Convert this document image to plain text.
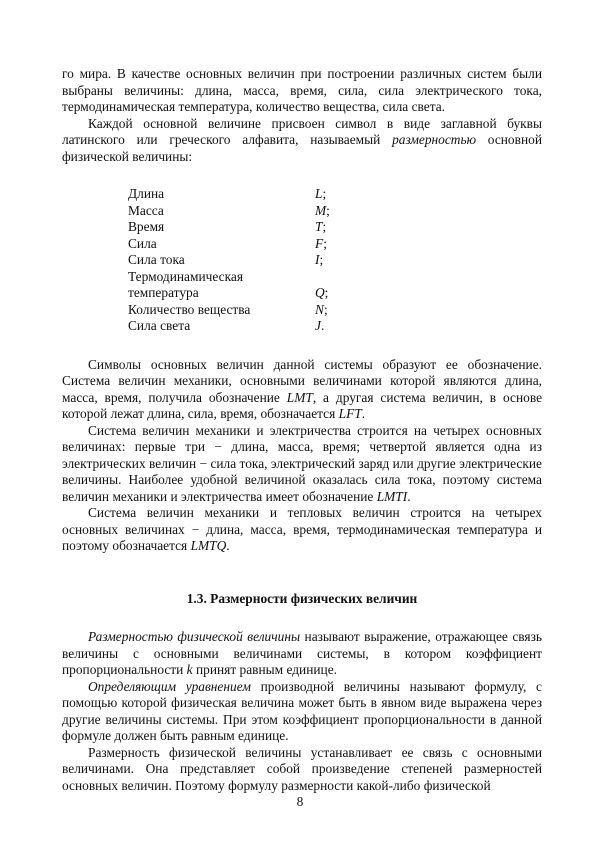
го мира. В качестве основных величин при построении различных систем были выбраны величины: длина, масса, время, сила, сила электрического тока, термодинамическая температура, количество вещества, сила света.

Каждой основной величине присвоен символ в виде заглавной буквы латинского или греческого алфавита, называемый размерностью основной физической величины:

Длина	L;
Масса	M;
Время	T;
Сила	F;
Сила тока	I;
Термодинамическая	
температура	Q;
Количество вещества	N;
Сила света	J.

Символы основных величин данной системы образуют ее обозначение. Система величин механики, основными величинами которой являются длина, масса, время, получила обозначение LMT, а другая система величин, в основе которой лежат длина, сила, время, обозначается LFT.

Система величин механики и электричества строится на четырех основных величинах: первые три − длина, масса, время; четвертой является одна из электрических величин − сила тока, электрический заряд или другие электрические величины. Наиболее удобной величиной оказалась сила тока, поэтому система величин механики и электричества имеет обозначение LMTI.

Система величин механики и тепловых величин строится на четырех основных величинах − длина, масса, время, термодинамическая температура и поэтому обозначается LMTQ.

1.3. Размерности физических величин

Размерностью физической величины называют выражение, отражающее связь величины с основными величинами системы, в котором коэффициент пропорциональности k принят равным единице.

Определяющим уравнением производной величины называют формулу, с помощью которой физическая величина может быть в явном виде выражена через другие величины системы. При этом коэффициент пропорциональности в данной формуле должен быть равным единице.

Размерность физической величины устанавливает ее связь с основными величинами. Она представляет собой произведение степеней размерностей основных величин. Поэтому формулу размерности какой-либо физической

8
